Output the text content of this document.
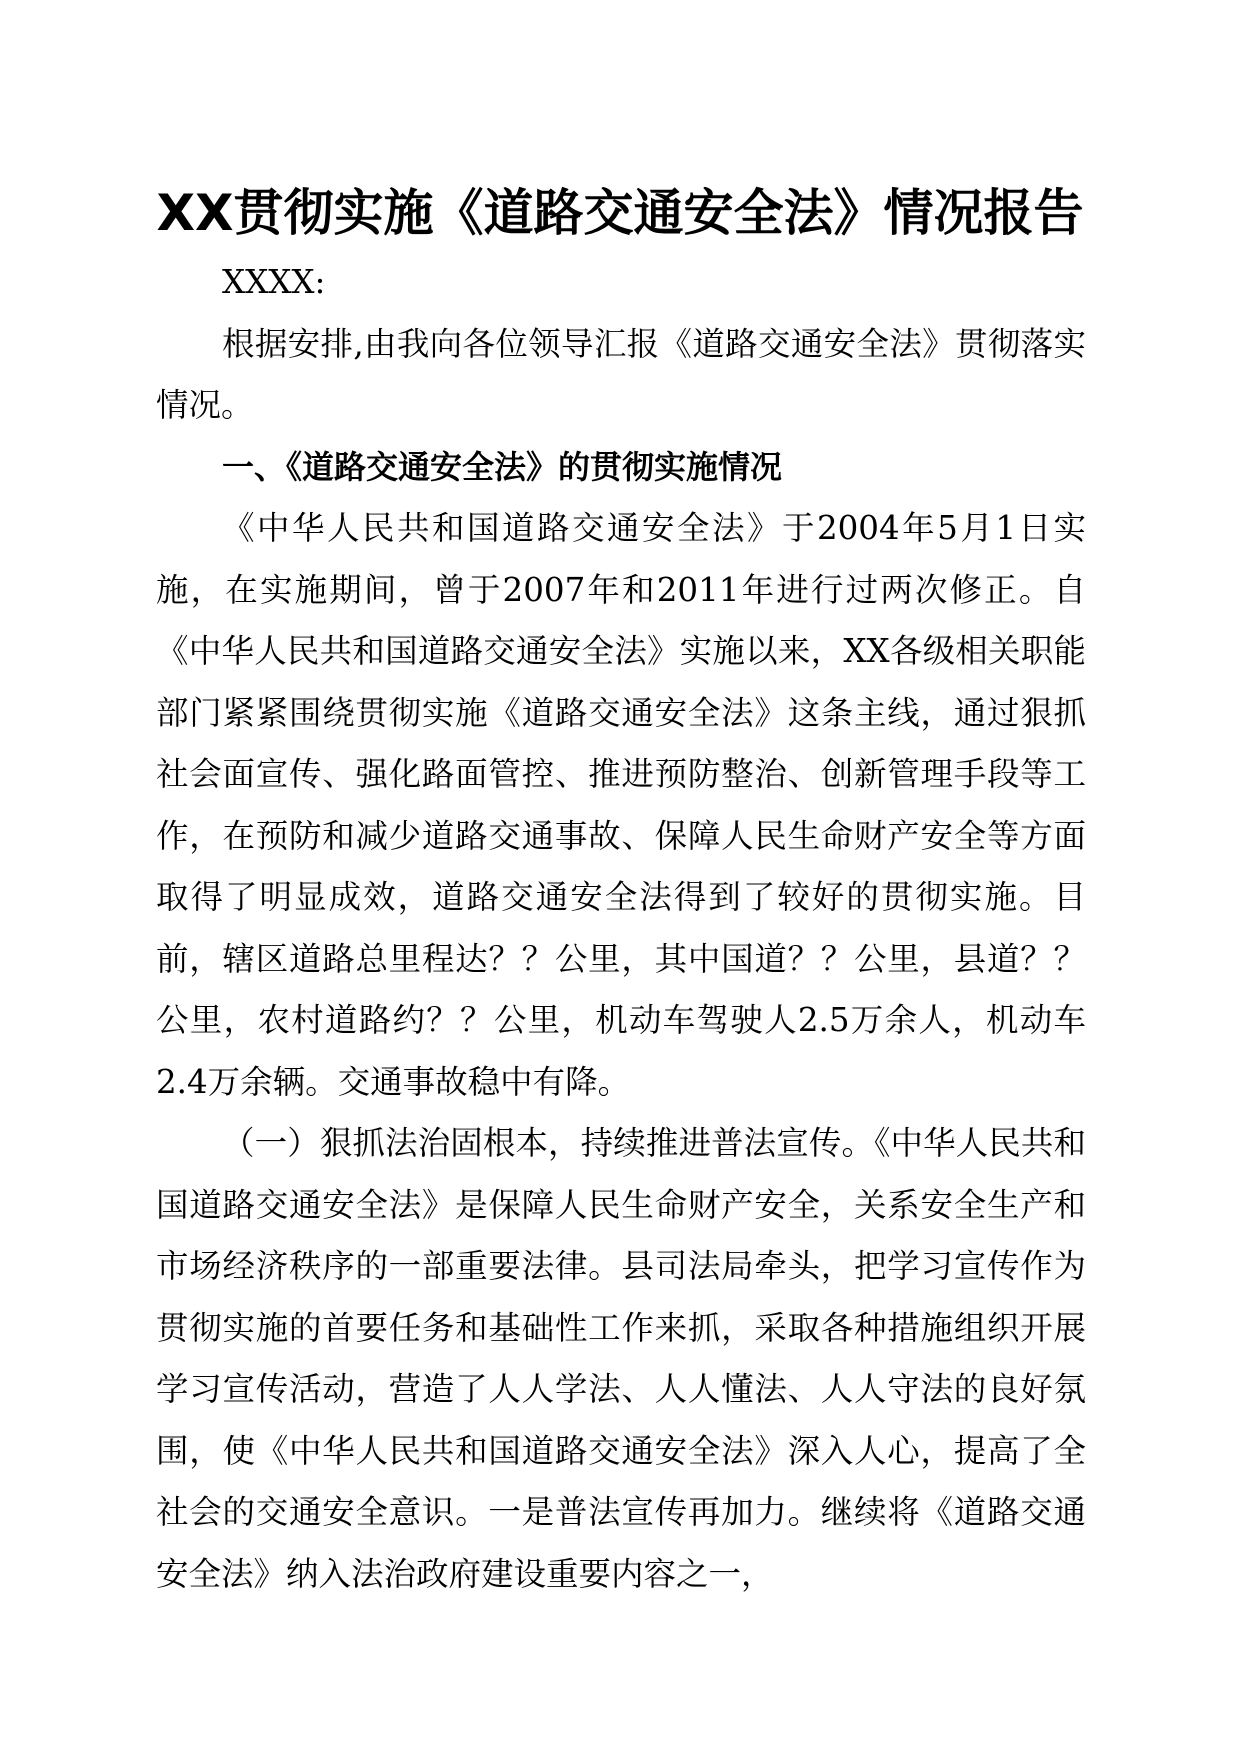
XX贯彻实施《道路交通安全法》情况报告

XXXX:

根据安排,由我向各位领导汇报《道路交通安全法》贯彻落实情况。

一、《道路交通安全法》的贯彻实施情况

《中华人民共和国道路交通安全法》于2004年5月1日实施，在实施期间，曾于2007年和2011年进行过两次修正。自《中华人民共和国道路交通安全法》实施以来，XX各级相关职能部门紧紧围绕贯彻实施《道路交通安全法》这条主线，通过狠抓社会面宣传、强化路面管控、推进预防整治、创新管理手段等工作，在预防和减少道路交通事故、保障人民生命财产安全等方面取得了明显成效，道路交通安全法得到了较好的贯彻实施。目前，辖区道路总里程达？？公里，其中国道？？公里，县道？？公里，农村道路约？？公里，机动车驾驶人2.5万余人，机动车2.4万余辆。交通事故稳中有降。

（一）狠抓法治固根本，持续推进普法宣传。《中华人民共和国道路交通安全法》是保障人民生命财产安全，关系安全生产和市场经济秩序的一部重要法律。县司法局牵头，把学习宣传作为贯彻实施的首要任务和基础性工作来抓，采取各种措施组织开展学习宣传活动，营造了人人学法、人人懂法、人人守法的良好氛围，使《中华人民共和国道路交通安全法》深入人心，提高了全社会的交通安全意识。一是普法宣传再加力。继续将《道路交通安全法》纳入法治政府建设重要内容之一，
